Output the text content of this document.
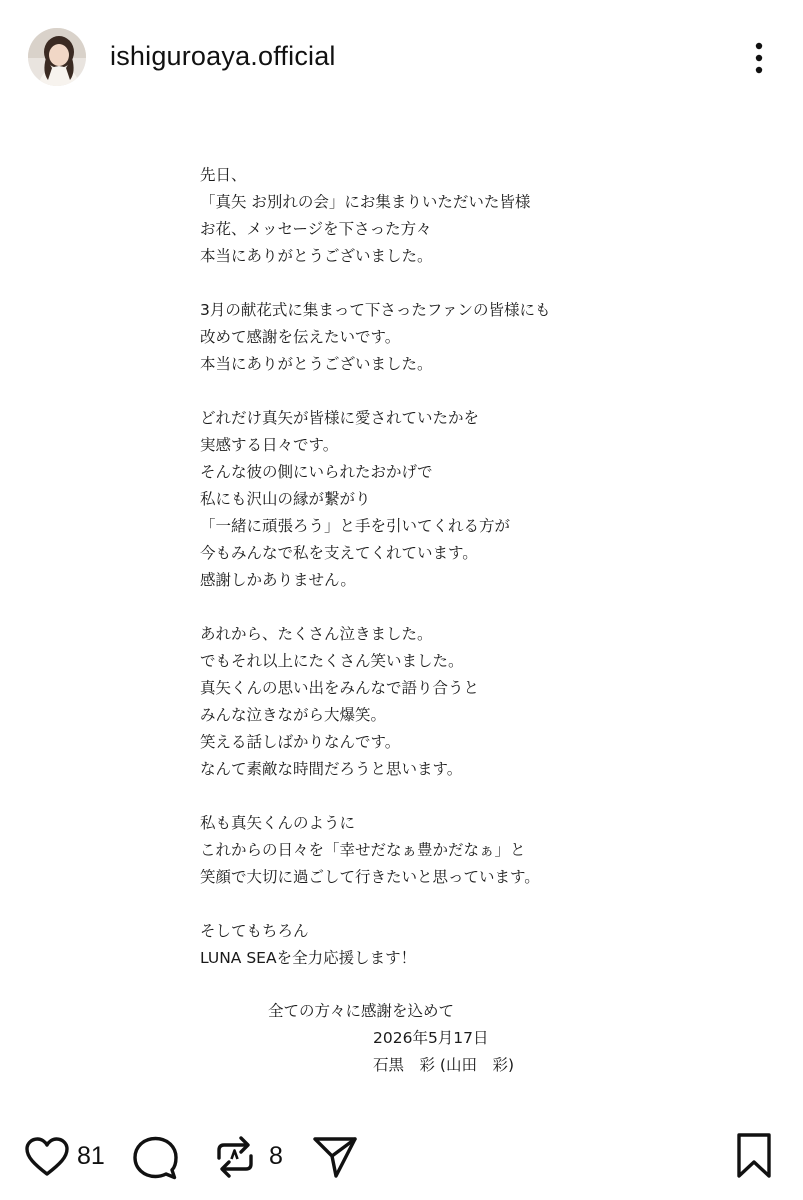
ishiguroaya.official
先日、
「真矢 お別れの会」にお集まりいただいた皆様
お花、メッセージを下さった方々
本当にありがとうございました。
3月の献花式に集まって下さったファンの皆様にも
改めて感謝を伝えたいです。
本当にありがとうございました。
どれだけ真矢が皆様に愛されていたかを
実感する日々です。
そんな彼の側にいられたおかげで
私にも沢山の縁が繋がり
「一緒に頑張ろう」と手を引いてくれる方が
今もみんなで私を支えてくれています。
感謝しかありません。
あれから、たくさん泣きました。
でもそれ以上にたくさん笑いました。
真矢くんの思い出をみんなで語り合うと
みんな泣きながら大爆笑。
笑える話しばかりなんです。
なんて素敵な時間だろうと思います。
私も真矢くんのように
これからの日々を「幸せだなぁ豊かだなぁ」と
笑顔で大切に過ごして行きたいと思っています。
そしてもちろん
LUNA SEAを全力応援します！
全ての方々に感謝を込めて
2026年5月17日
石黒　彩 (山田　彩)
81	8
